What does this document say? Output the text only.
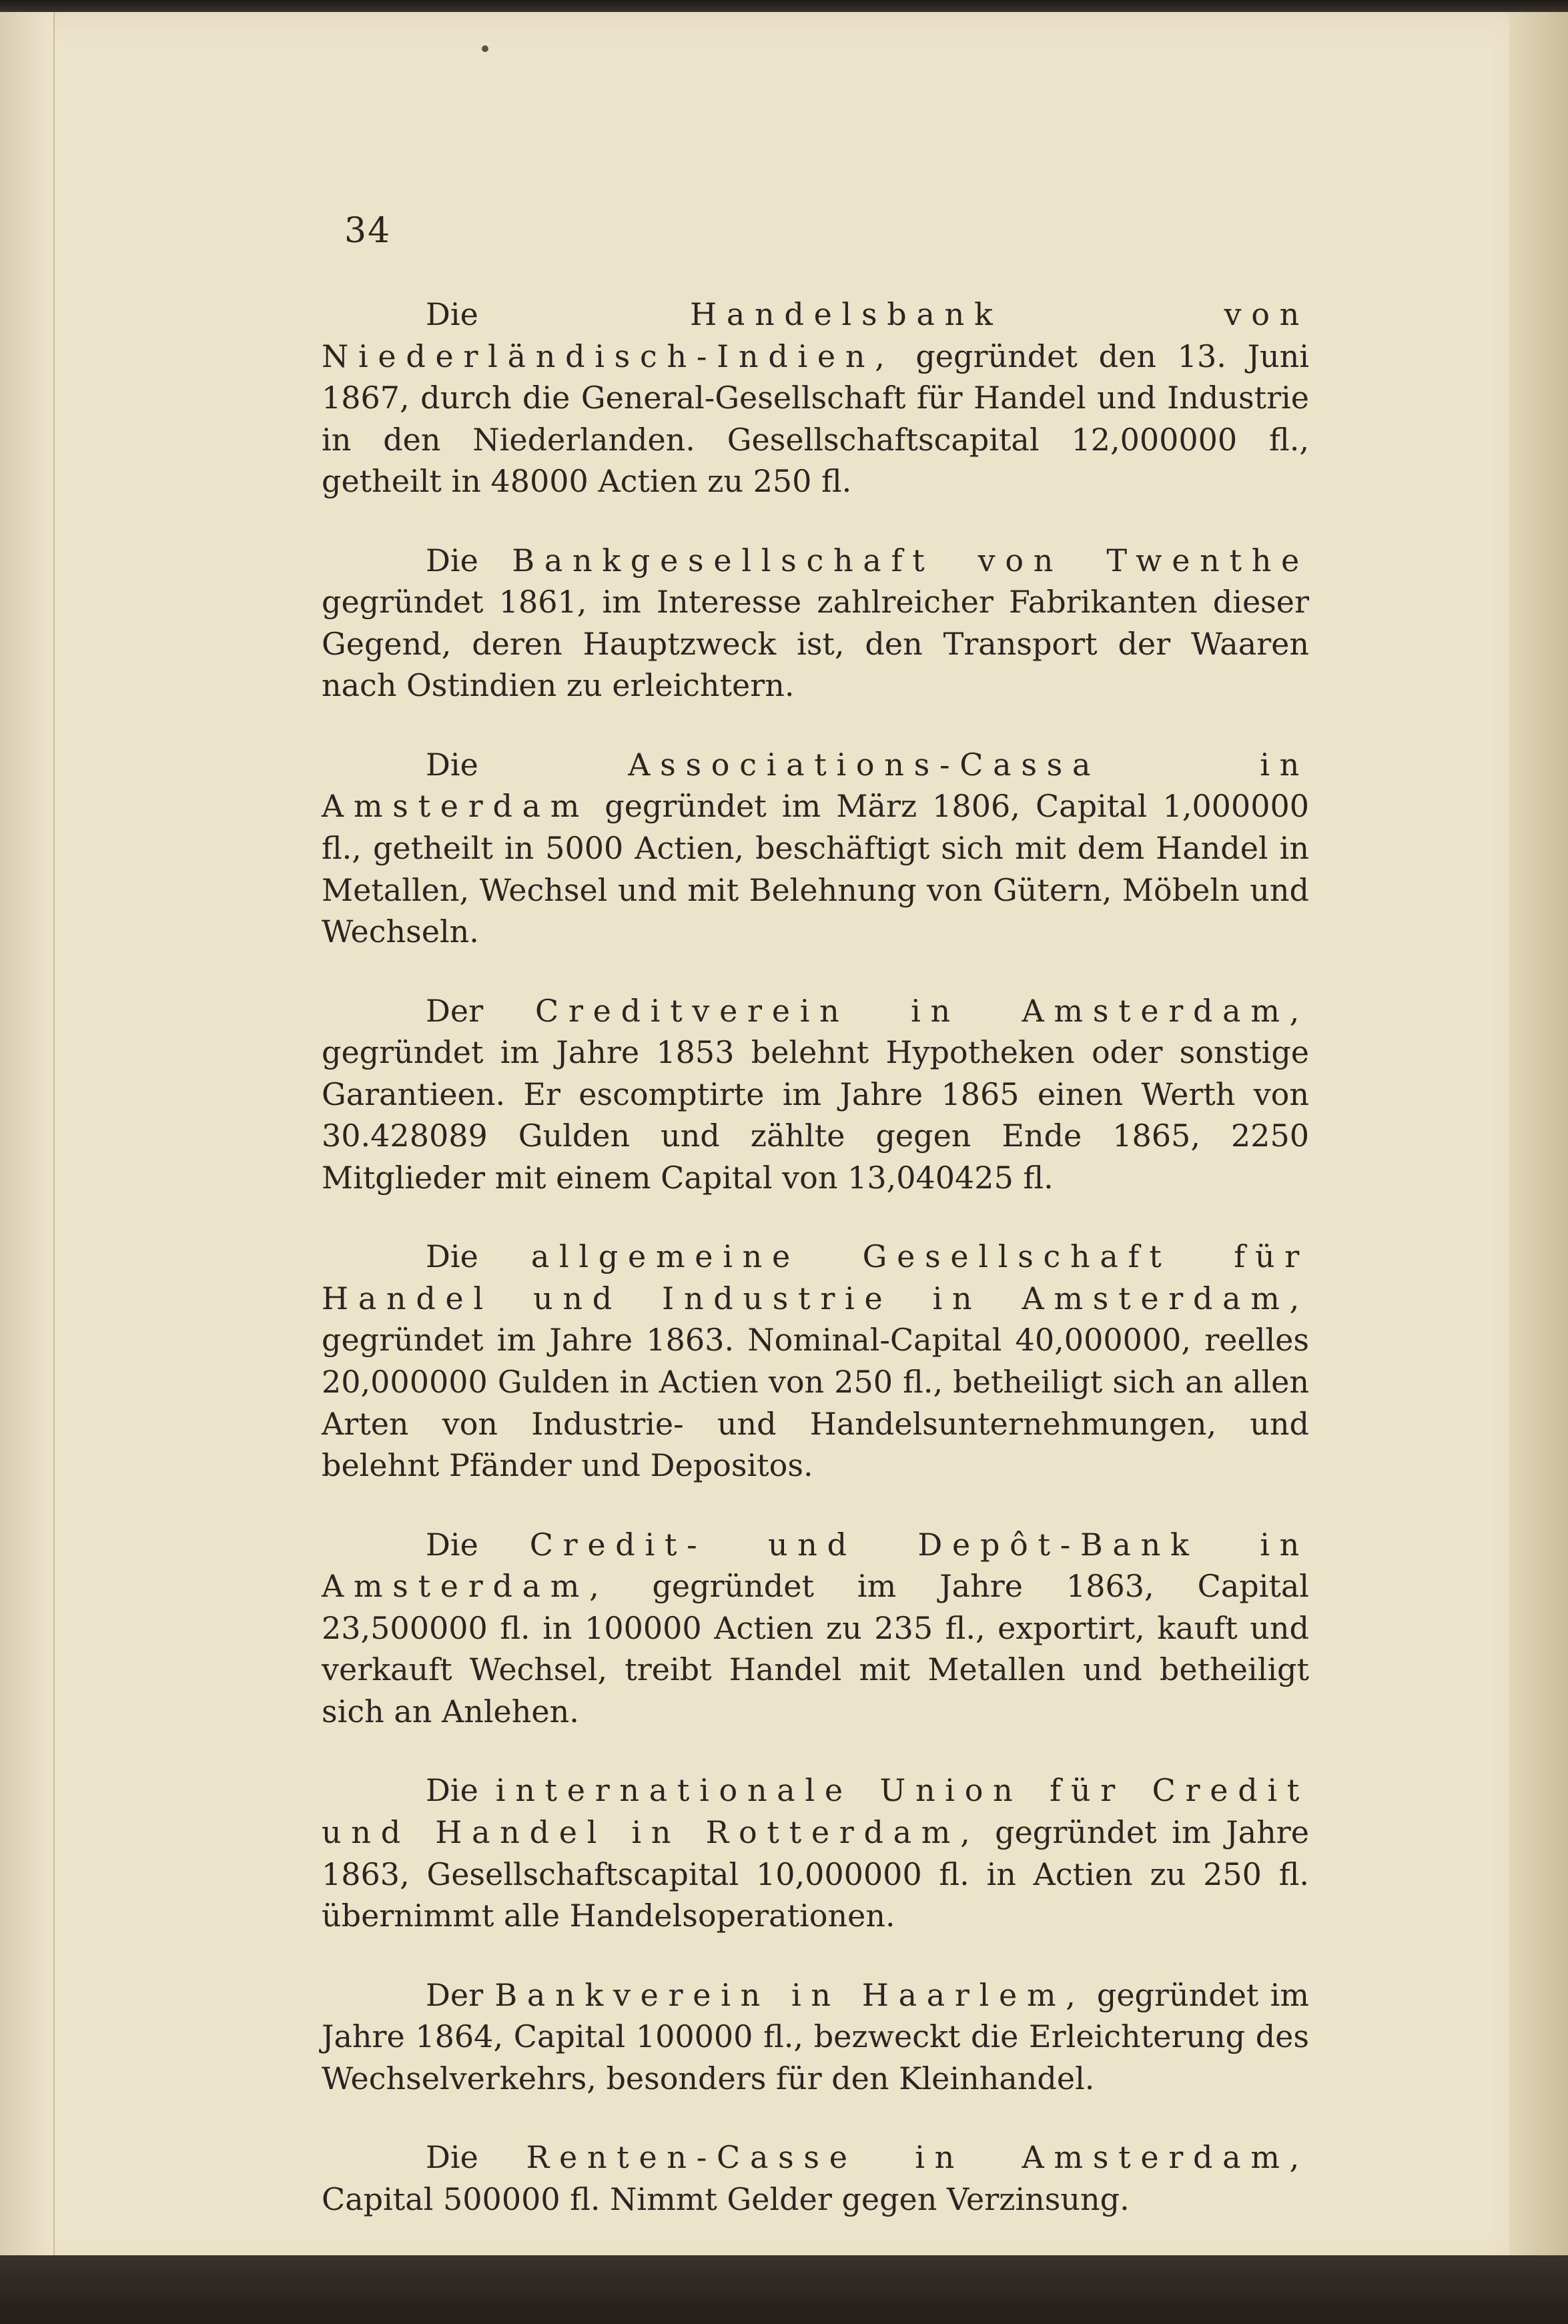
34

Die Handelsbank von Niederländisch-Indien, gegründet den 13. Juni 1867, durch die General-Gesellschaft für Handel und Industrie in den Niederlanden. Gesellschaftscapital 12,000000 fl., getheilt in 48000 Actien zu 250 fl.

Die Bankgesellschaft von Twenthe gegründet 1861, im Interesse zahlreicher Fabrikanten dieser Gegend, deren Hauptzweck ist, den Transport der Waaren nach Ostindien zu erleichtern.

Die Associations-Cassa in Amsterdam gegründet im März 1806, Capital 1,000000 fl., getheilt in 5000 Actien, beschäftigt sich mit dem Handel in Metallen, Wechsel und mit Belehnung von Gütern, Möbeln und Wechseln.

Der Creditverein in Amsterdam, gegründet im Jahre 1853 belehnt Hypotheken oder sonstige Garantieen. Er escomptirte im Jahre 1865 einen Werth von 30.428089 Gulden und zählte gegen Ende 1865, 2250 Mitglieder mit einem Capital von 13,040425 fl.

Die allgemeine Gesellschaft für Handel und Industrie in Amsterdam, gegründet im Jahre 1863. Nominal-Capital 40,000000, reelles 20,000000 Gulden in Actien von 250 fl., betheiligt sich an allen Arten von Industrie- und Handelsunternehmungen, und belehnt Pfänder und Depositos.

Die Credit- und Depôt-Bank in Amsterdam, gegründet im Jahre 1863, Capital 23,500000 fl. in 100000 Actien zu 235 fl., exportirt, kauft und verkauft Wechsel, treibt Handel mit Metallen und betheiligt sich an Anlehen.

Die internationale Union für Credit und Handel in Rotterdam, gegründet im Jahre 1863, Gesellschaftscapital 10,000000 fl. in Actien zu 250 fl. übernimmt alle Handelsoperationen.

Der Bankverein in Haarlem, gegründet im Jahre 1864, Capital 100000 fl., bezweckt die Erleichterung des Wechselverkehrs, besonders für den Kleinhandel.

Die Renten-Casse in Amsterdam, Capital 500000 fl. Nimmt Gelder gegen Verzinsung.
